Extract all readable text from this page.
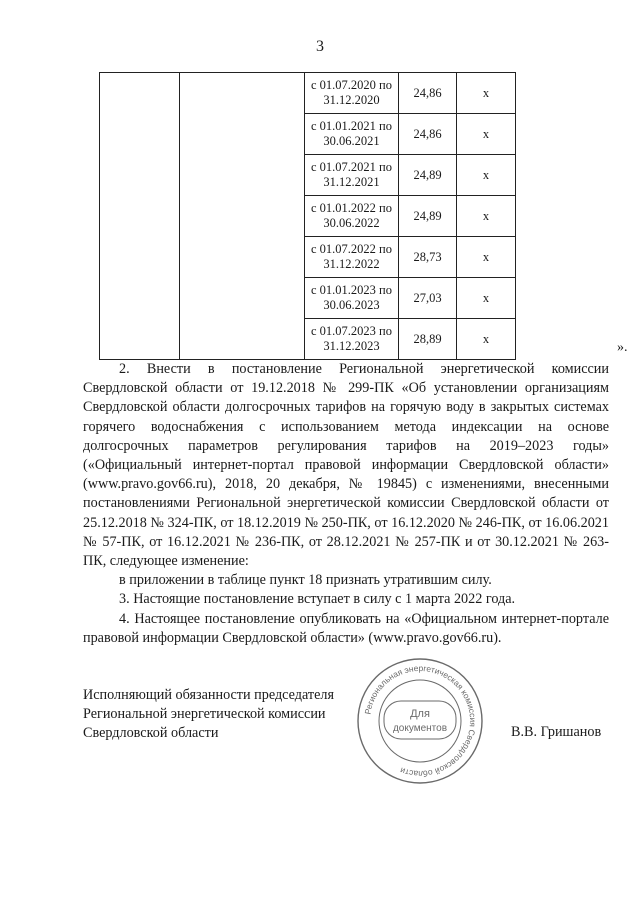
3
		с 01.07.2020 по 31.12.2020	24,86	х
		с 01.01.2021 по 30.06.2021	24,86	х
		с 01.07.2021 по 31.12.2021	24,89	х
		с 01.01.2022 по 30.06.2022	24,89	х
		с 01.07.2022 по 31.12.2022	28,73	х
		с 01.01.2023 по 30.06.2023	27,03	х
		с 01.07.2023 по 31.12.2023	28,89	х
».

2. Внести в постановление Региональной энергетической комиссии Свердловской области от 19.12.2018 № 299-ПК «Об установлении организациям Свердловской области долгосрочных тарифов на горячую воду в закрытых системах горячего водоснабжения с использованием метода индексации на основе долгосрочных параметров регулирования тарифов на 2019–2023 годы» («Официальный интернет-портал правовой информации Свердловской области» (www.pravo.gov66.ru), 2018, 20 декабря, № 19845) с изменениями, внесенными постановлениями Региональной энергетической комиссии Свердловской области от 25.12.2018 № 324-ПК, от 18.12.2019 № 250-ПК, от 16.12.2020 № 246-ПК, от 16.06.2021 № 57-ПК, от 16.12.2021 № 236-ПК, от 28.12.2021 № 257-ПК и от 30.12.2021 № 263-ПК, следующее изменение:

в приложении в таблице пункт 18 признать утратившим силу.

3. Настоящие постановление вступает в силу с 1 марта 2022 года.

4. Настоящее постановление опубликовать на «Официальном интернет-портале правовой информации Свердловской области» (www.pravo.gov66.ru).

Исполняющий обязанности председателя
Региональной энергетической комиссии
Свердловской области
Региональная энергетическая комиссия Свердловской области
Для
документов	В.В. Гришанов
